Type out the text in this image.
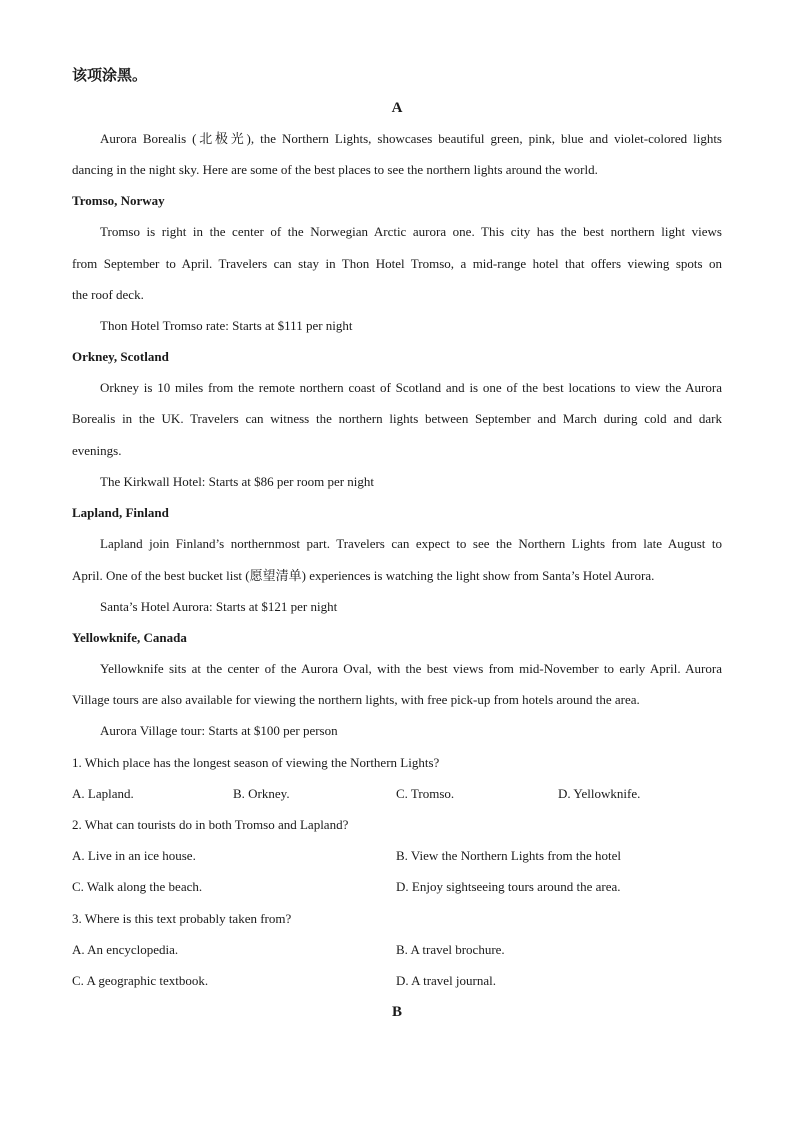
该项涂黑。
A
Aurora Borealis (北极光), the Northern Lights, showcases beautiful green, pink, blue and violet-colored lights
dancing in the night sky. Here are some of the best places to see the northern lights around the world.
Tromso, Norway
Tromso is right in the center of the Norwegian Arctic aurora one. This city has the best northern light views
from September to April. Travelers can stay in Thon Hotel Tromso, a mid-range hotel that offers viewing spots on
the roof deck.
Thon Hotel Tromso rate: Starts at $111 per night
Orkney, Scotland
Orkney is 10 miles from the remote northern coast of Scotland and is one of the best locations to view the Aurora
Borealis in the UK. Travelers can witness the northern lights between September and March during cold and dark
evenings.
The Kirkwall Hotel: Starts at $86 per room per night
Lapland, Finland
Lapland join Finland’s northernmost part. Travelers can expect to see the Northern Lights from late August to
April. One of the best bucket list (愿望清单) experiences is watching the light show from Santa’s Hotel Aurora.
Santa’s Hotel Aurora: Starts at $121 per night
Yellowknife, Canada
Yellowknife sits at the center of the Aurora Oval, with the best views from mid-November to early April. Aurora
Village tours are also available for viewing the northern lights, with free pick-up from hotels around the area.
Aurora Village tour: Starts at $100 per person
1. Which place has the longest season of viewing the Northern Lights?
A. Lapland.	B. Orkney.	C. Tromso.	D. Yellowknife.
2. What can tourists do in both Tromso and Lapland?
A. Live in an ice house.	B. View the Northern Lights from the hotel
C. Walk along the beach.	D. Enjoy sightseeing tours around the area.
3. Where is this text probably taken from?
A. An encyclopedia.	B. A travel brochure.
C. A geographic textbook.	D. A travel journal.
B
